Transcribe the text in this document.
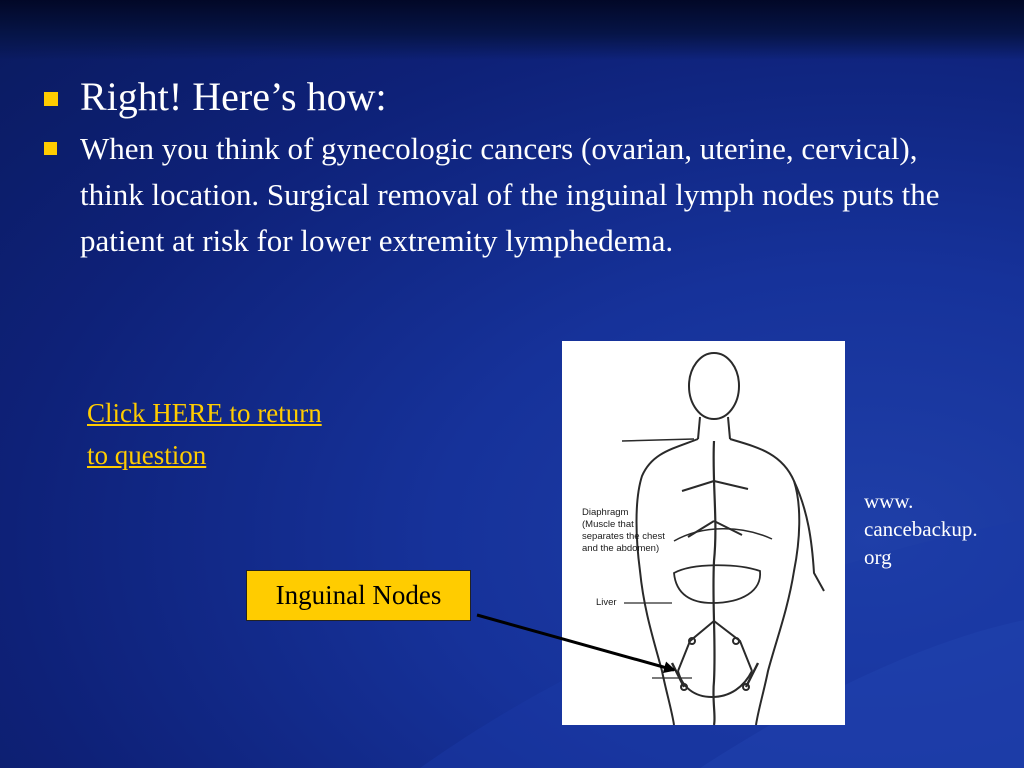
Right! Here’s how:
When you think of gynecologic cancers (ovarian, uterine, cervical), think location. Surgical removal of the inguinal lymph nodes puts the patient at risk for lower extremity lymphedema.
Click HERE to return
to question
Diaphragm
(Muscle that
separates the chest
and the abdomen)
Liver
Inguinal Nodes
www.
cancebackup.
org
